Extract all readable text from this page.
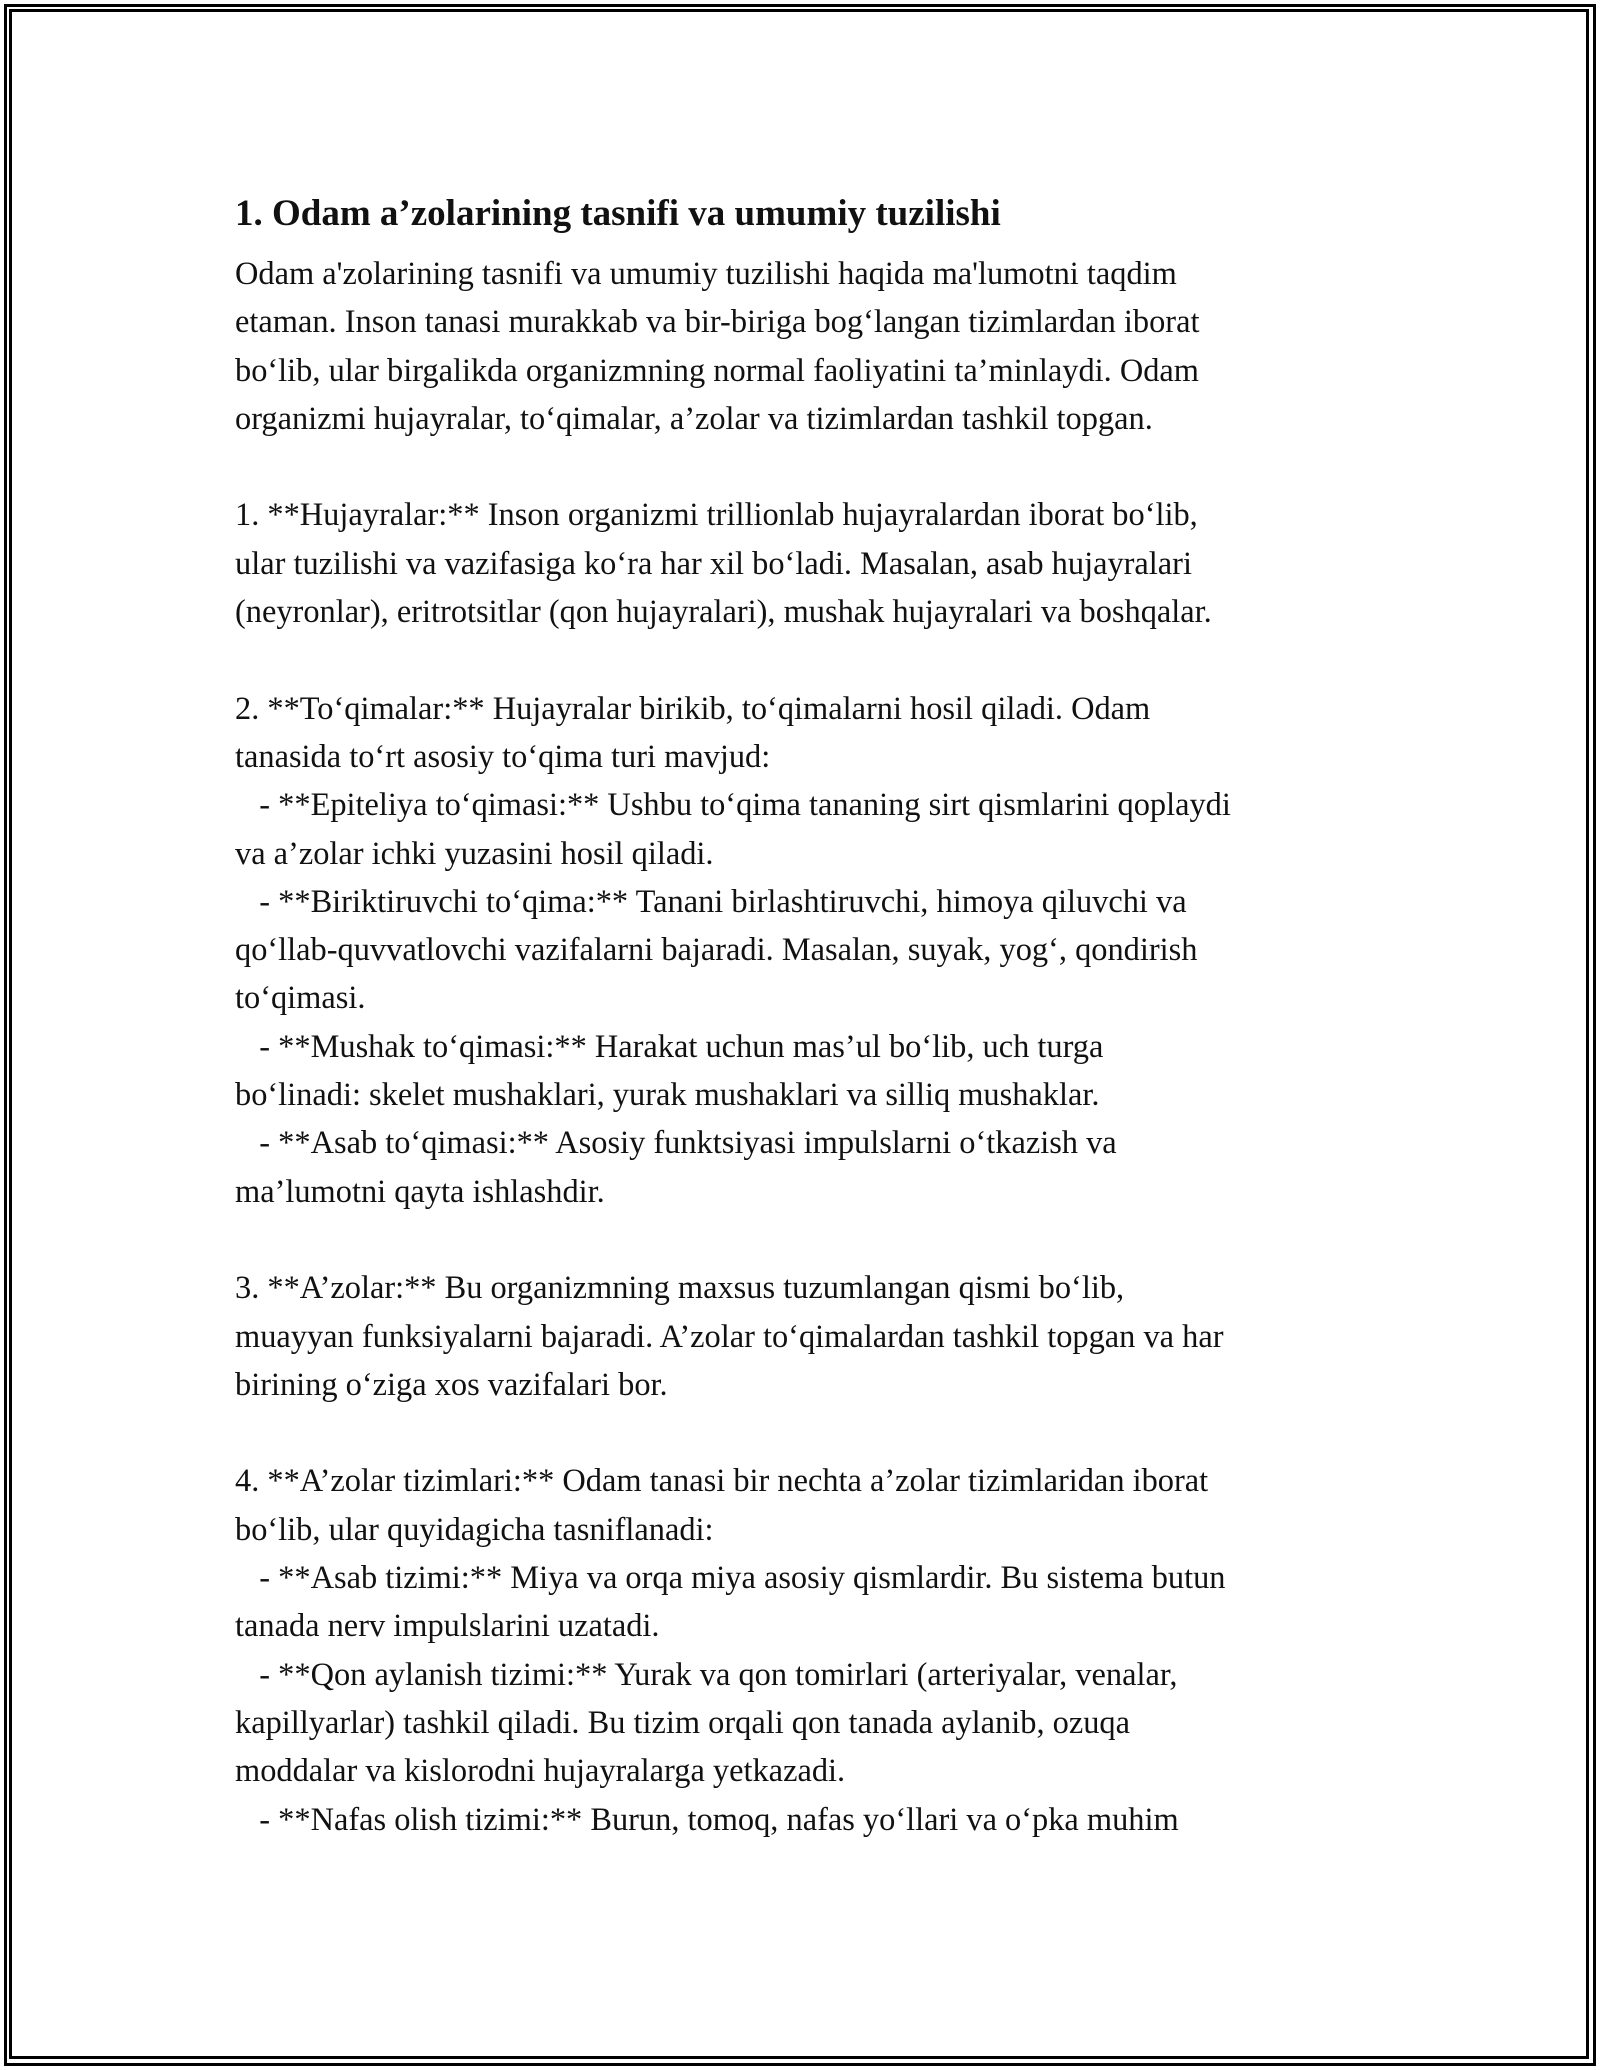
1. Odam a’zolarining tasnifi va umumiy tuzilishi
Odam a'zolarining tasnifi va umumiy tuzilishi haqida ma'lumotni taqdim
etaman. Inson tanasi murakkab va bir-biriga bog‘langan tizimlardan iborat
bo‘lib, ular birgalikda organizmning normal faoliyatini ta’minlaydi. Odam
organizmi hujayralar, to‘qimalar, a’zolar va tizimlardan tashkil topgan.
1. **Hujayralar:** Inson organizmi trillionlab hujayralardan iborat bo‘lib,
ular tuzilishi va vazifasiga ko‘ra har xil bo‘ladi. Masalan, asab hujayralari
(neyronlar), eritrotsitlar (qon hujayralari), mushak hujayralari va boshqalar.
2. **To‘qimalar:** Hujayralar birikib, to‘qimalarni hosil qiladi. Odam
tanasida to‘rt asosiy to‘qima turi mavjud:
- **Epiteliya to‘qimasi:** Ushbu to‘qima tananing sirt qismlarini qoplaydi
va a’zolar ichki yuzasini hosil qiladi.
- **Biriktiruvchi to‘qima:** Tanani birlashtiruvchi, himoya qiluvchi va
qo‘llab-quvvatlovchi vazifalarni bajaradi. Masalan, suyak, yog‘, qondirish
to‘qimasi.
- **Mushak to‘qimasi:** Harakat uchun mas’ul bo‘lib, uch turga
bo‘linadi: skelet mushaklari, yurak mushaklari va silliq mushaklar.
- **Asab to‘qimasi:** Asosiy funktsiyasi impulslarni o‘tkazish va
ma’lumotni qayta ishlashdir.
3. **A’zolar:** Bu organizmning maxsus tuzumlangan qismi bo‘lib,
muayyan funksiyalarni bajaradi. A’zolar to‘qimalardan tashkil topgan va har
birining o‘ziga xos vazifalari bor.
4. **A’zolar tizimlari:** Odam tanasi bir nechta a’zolar tizimlaridan iborat
bo‘lib, ular quyidagicha tasniflanadi:
- **Asab tizimi:** Miya va orqa miya asosiy qismlardir. Bu sistema butun
tanada nerv impulslarini uzatadi.
- **Qon aylanish tizimi:** Yurak va qon tomirlari (arteriyalar, venalar,
kapillyarlar) tashkil qiladi. Bu tizim orqali qon tanada aylanib, ozuqa
moddalar va kislorodni hujayralarga yetkazadi.
- **Nafas olish tizimi:** Burun, tomoq, nafas yo‘llari va o‘pka muhim
